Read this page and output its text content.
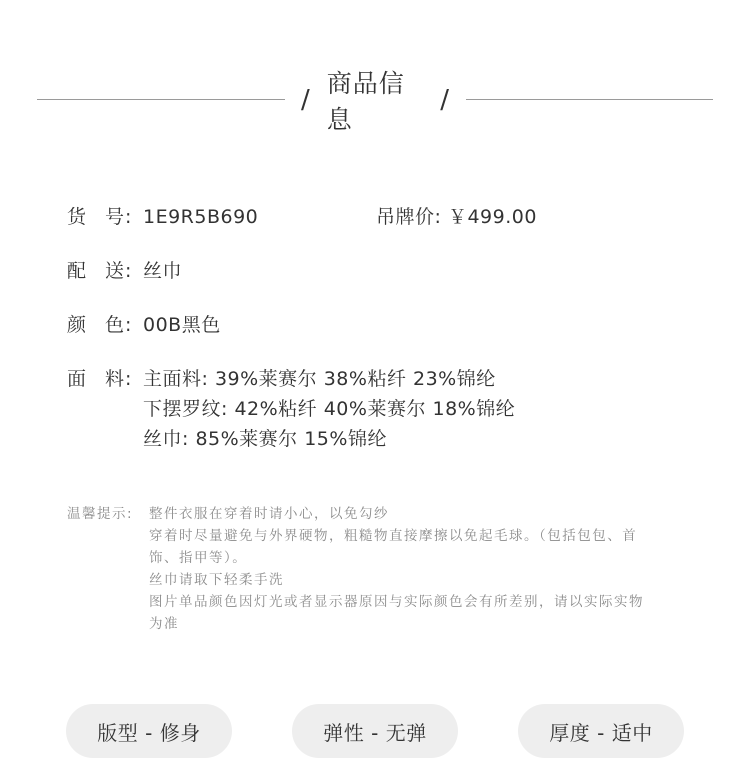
/
商品信息
/
货 号 : 1E9R5B690	吊牌价: ￥499.00
配 送 : 丝巾
颜 色 : 00B黑色
面 料 : 主面料: 39%莱赛尔 38%粘纤 23%锦纶
下摆罗纹: 42%粘纤 40%莱赛尔 18%锦纶
丝巾: 85%莱赛尔 15%锦纶
温馨提示: 整件衣服在穿着时请小心，以免勾纱
穿着时尽量避免与外界硬物，粗糙物直接摩擦以免起毛球。（包括包包、首
饰、指甲等）。
丝巾请取下轻柔手洗
图片单品颜色因灯光或者显示器原因与实际颜色会有所差别，请以实际实物
为准
版型 - 修身	弹性 - 无弹	厚度 - 适中
